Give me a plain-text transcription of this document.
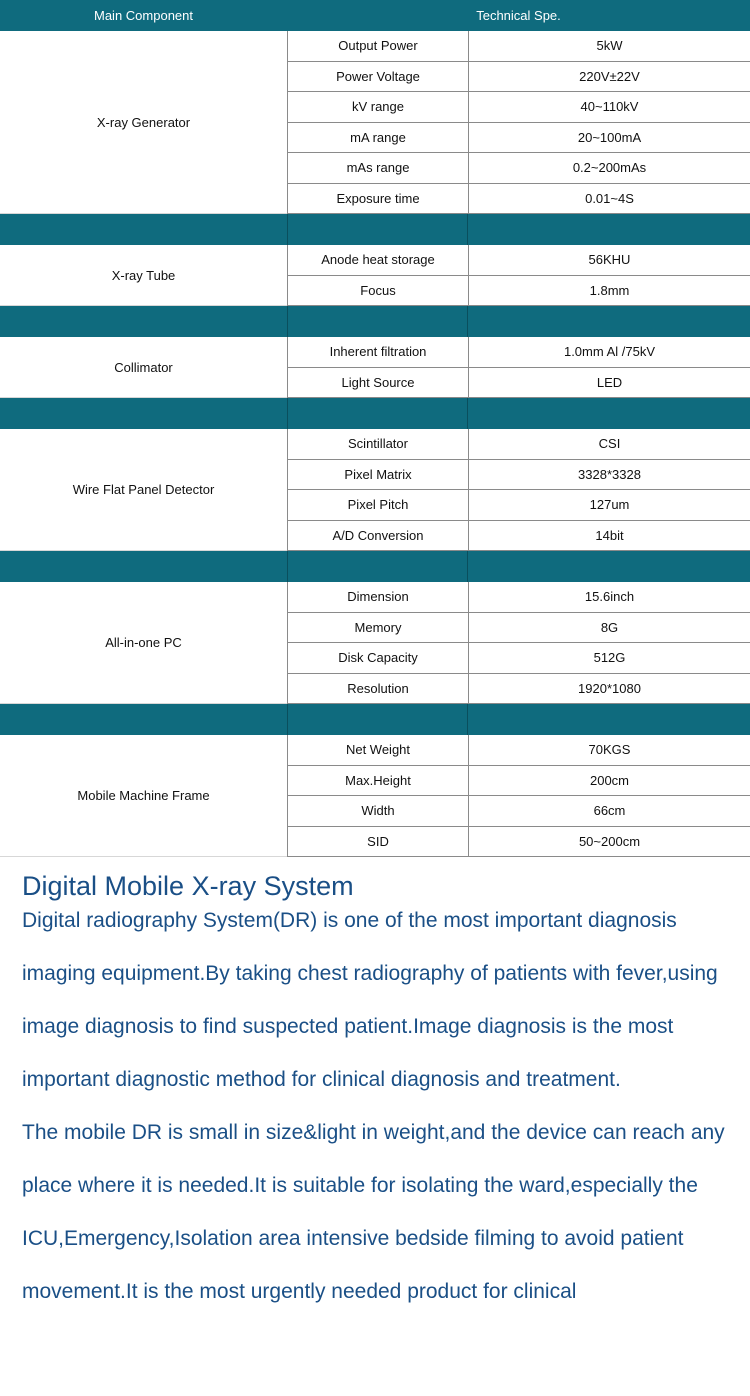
Main Component	Technical Spe.
X-ray Generator
Output Power	5kW
Power Voltage	220V±22V
kV range	40~110kV
mA range	20~100mA
mAs range	0.2~200mAs
Exposure time	0.01~4S
X-ray Tube
Anode heat storage	56KHU
Focus	1.8mm
Collimator
Inherent filtration	1.0mm Al /75kV
Light Source	LED
Wire Flat Panel Detector
Scintillator	CSI
Pixel Matrix	3328*3328
Pixel Pitch	127um
A/D Conversion	14bit
All-in-one PC
Dimension	15.6inch
Memory	8G
Disk Capacity	512G
Resolution	1920*1080
Mobile Machine Frame
Net Weight	70KGS
Max.Height	200cm
Width	66cm
SID	50~200cm
Digital Mobile X-ray System

Digital radiography System(DR) is one of the most important diagnosis imaging equipment.By taking chest radiography of patients with fever,using image diagnosis to find suspected patient.Image diagnosis is the most important diagnostic method for clinical diagnosis and treatment.

The mobile DR is small in size&light in weight,and the device can reach any place where it is needed.It is suitable for isolating the ward,especially the ICU,Emergency,Isolation area intensive bedside filming to avoid patient movement.It is the most urgently needed product for clinical
